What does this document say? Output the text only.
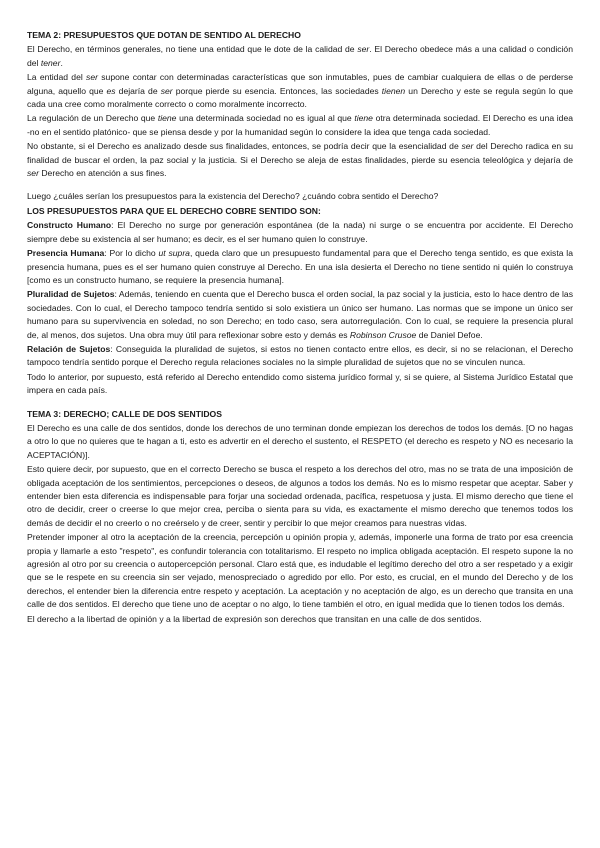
TEMA 2: PRESUPUESTOS QUE DOTAN DE SENTIDO AL DERECHO

El Derecho, en términos generales, no tiene una entidad que le dote de la calidad de ser. El Derecho obedece más a una calidad o condición del tener.

La entidad del ser supone contar con determinadas características que son inmutables, pues de cambiar cualquiera de ellas o de perderse alguna, aquello que es dejaría de ser porque pierde su esencia. Entonces, las sociedades tienen un Derecho y este se regula según lo que cada una cree como moralmente correcto o como moralmente incorrecto.

La regulación de un Derecho que tiene una determinada sociedad no es igual al que tiene otra determinada sociedad. El Derecho es una idea -no en el sentido platónico- que se piensa desde y por la humanidad según lo considere la idea que tenga cada sociedad.

No obstante, si el Derecho es analizado desde sus finalidades, entonces, se podría decir que la esencialidad de ser del Derecho radica en su finalidad de buscar el orden, la paz social y la justicia. Si el Derecho se aleja de estas finalidades, pierde su esencia teleológica y dejaría de ser Derecho en atención a sus fines.

Luego ¿cuáles serían los presupuestos para la existencia del Derecho? ¿cuándo cobra sentido el Derecho?

LOS PRESUPUESTOS PARA QUE EL DERECHO COBRE SENTIDO SON:

Constructo Humano: El Derecho no surge por generación espontánea (de la nada) ni surge o se encuentra por accidente. El Derecho siempre debe su existencia al ser humano; es decir, es el ser humano quien lo construye.

Presencia Humana: Por lo dicho ut supra, queda claro que un presupuesto fundamental para que el Derecho tenga sentido, es que exista la presencia humana, pues es el ser humano quien construye al Derecho. En una isla desierta el Derecho no tiene sentido ni quién lo construya [como es un constructo humano, se requiere la presencia humana].

Pluralidad de Sujetos: Además, teniendo en cuenta que el Derecho busca el orden social, la paz social y la justicia, esto lo hace dentro de las sociedades. Con lo cual, el Derecho tampoco tendría sentido si solo existiera un único ser humano. Las normas que se impone un único ser humano para su supervivencia en soledad, no son Derecho; en todo caso, sera autorregulación. Con lo cual, se requiere la presencia plural de, al menos, dos sujetos. Una obra muy útil para reflexionar sobre esto y demás es Robinson Crusoe de Daniel Defoe.

Relación de Sujetos: Conseguida la pluralidad de sujetos, si estos no tienen contacto entre ellos, es decir, si no se relacionan, el Derecho tampoco tendría sentido porque el Derecho regula relaciones sociales no la simple pluralidad de sujetos que no se vinculen nunca.

Todo lo anterior, por supuesto, está referido al Derecho entendido como sistema jurídico formal y, si se quiere, al Sistema Jurídico Estatal que impera en cada país.

TEMA 3: DERECHO; CALLE DE DOS SENTIDOS

El Derecho es una calle de dos sentidos, donde los derechos de uno terminan donde empiezan los derechos de todos los demás. [O no hagas a otro lo que no quieres que te hagan a ti, esto es advertir en el derecho el sustento, el RESPETO (el derecho es respeto y NO es necesario la ACEPTACIÓN)].

Esto quiere decir, por supuesto, que en el correcto Derecho se busca el respeto a los derechos del otro, mas no se trata de una imposición de obligada aceptación de los sentimientos, percepciones o deseos, de algunos a todos los demás. No es lo mismo respetar que aceptar. Saber y entender bien esta diferencia es indispensable para forjar una sociedad ordenada, pacífica, respetuosa y justa. El mismo derecho que tiene el otro de decidir, creer o creerse lo que mejor crea, perciba o sienta para su vida, es exactamente el mismo derecho que tenemos todos los demás de decidir el no creerlo o no creérselo y de creer, sentir y percibir lo que mejor creamos para nuestras vidas.

Pretender imponer al otro la aceptación de la creencia, percepción u opinión propia y, además, imponerle una forma de trato por esa creencia propia y llamarle a esto "respeto", es confundir tolerancia con totalitarismo. El respeto no implica obligada aceptación. El respeto supone la no agresión al otro por su creencia o autopercepción personal. Claro está que, es indudable el legítimo derecho del otro a ser respetado y a exigir que se le respete en su creencia sin ser vejado, menospreciado o agredido por ello. Por esto, es crucial, en el mundo del Derecho y de los derechos, el entender bien la diferencia entre respeto y aceptación. La aceptación y no aceptación de algo, es un derecho que transita en una calle de dos sentidos. El derecho que tiene uno de aceptar o no algo, lo tiene también el otro, en igual medida que lo tienen todos los demás.

El derecho a la libertad de opinión y a la libertad de expresión son derechos que transitan en una calle de dos sentidos.
